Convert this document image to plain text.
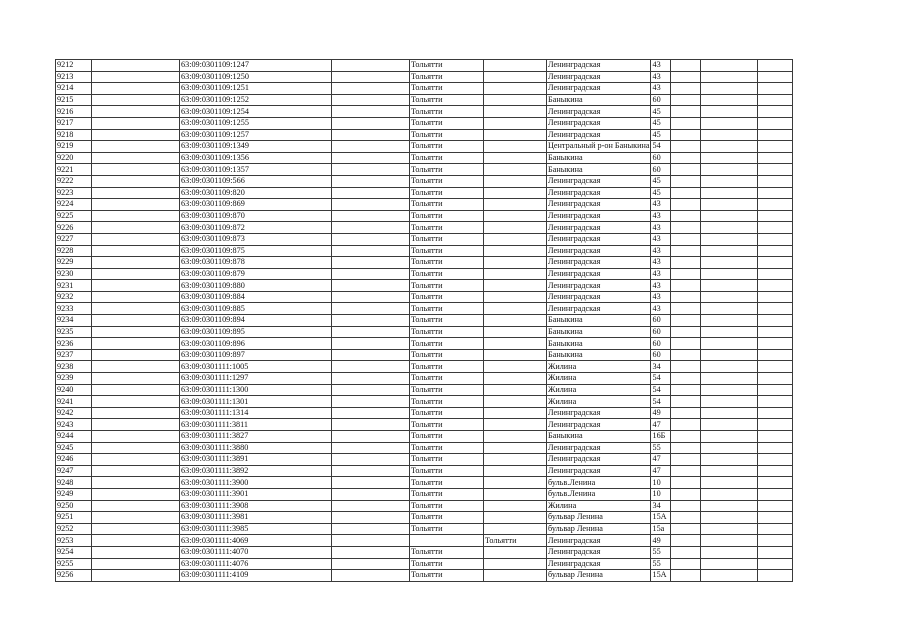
9212		63:09:0301109:1247		Тольятти		Ленинградская	43			
9213		63:09:0301109:1250		Тольятти		Ленинградская	43			
9214		63:09:0301109:1251		Тольятти		Ленинградская	43			
9215		63:09:0301109:1252		Тольятти		Баныкина	60			
9216		63:09:0301109:1254		Тольятти		Ленинградская	45			
9217		63:09:0301109:1255		Тольятти		Ленинградская	45			
9218		63:09:0301109:1257		Тольятти		Ленинградская	45			
9219		63:09:0301109:1349		Тольятти		Центральный р-он Баныкина	54			
9220		63:09:0301109:1356		Тольятти		Баныкина	60			
9221		63:09:0301109:1357		Тольятти		Баныкина	60			
9222		63:09:0301109:566		Тольятти		Ленинградская	45			
9223		63:09:0301109:820		Тольятти		Ленинградская	45			
9224		63:09:0301109:869		Тольятти		Ленинградская	43			
9225		63:09:0301109:870		Тольятти		Ленинградская	43			
9226		63:09:0301109:872		Тольятти		Ленинградская	43			
9227		63:09:0301109:873		Тольятти		Ленинградская	43			
9228		63:09:0301109:875		Тольятти		Ленинградская	43			
9229		63:09:0301109:878		Тольятти		Ленинградская	43			
9230		63:09:0301109:879		Тольятти		Ленинградская	43			
9231		63:09:0301109:880		Тольятти		Ленинградская	43			
9232		63:09:0301109:884		Тольятти		Ленинградская	43			
9233		63:09:0301109:885		Тольятти		Ленинградская	43			
9234		63:09:0301109:894		Тольятти		Баныкина	60			
9235		63:09:0301109:895		Тольятти		Баныкина	60			
9236		63:09:0301109:896		Тольятти		Баныкина	60			
9237		63:09:0301109:897		Тольятти		Баныкина	60			
9238		63:09:0301111:1005		Тольятти		Жилина	34			
9239		63:09:0301111:1297		Тольятти		Жилина	54			
9240		63:09:0301111:1300		Тольятти		Жилина	54			
9241		63:09:0301111:1301		Тольятти		Жилина	54			
9242		63:09:0301111:1314		Тольятти		Ленинградская	49			
9243		63:09:0301111:3811		Тольятти		Ленинградская	47			
9244		63:09:0301111:3827		Тольятти		Баныкина	16Б			
9245		63:09:0301111:3880		Тольятти		Ленинградская	55			
9246		63:09:0301111:3891		Тольятти		Ленинградская	47			
9247		63:09:0301111:3892		Тольятти		Ленинградская	47			
9248		63:09:0301111:3900		Тольятти		бульв.Ленина	10			
9249		63:09:0301111:3901		Тольятти		бульв.Ленина	10			
9250		63:09:0301111:3908		Тольятти		Жилина	34			
9251		63:09:0301111:3981		Тольятти		бульвар Ленина	15А			
9252		63:09:0301111:3985		Тольятти		бульвар Ленина	15а			
9253		63:09:0301111:4069			Тольятти	Ленинградская	49			
9254		63:09:0301111:4070		Тольятти		Ленинградская	55			
9255		63:09:0301111:4076		Тольятти		Ленинградская	55			
9256		63:09:0301111:4109		Тольятти		бульвар Ленина	15А			
